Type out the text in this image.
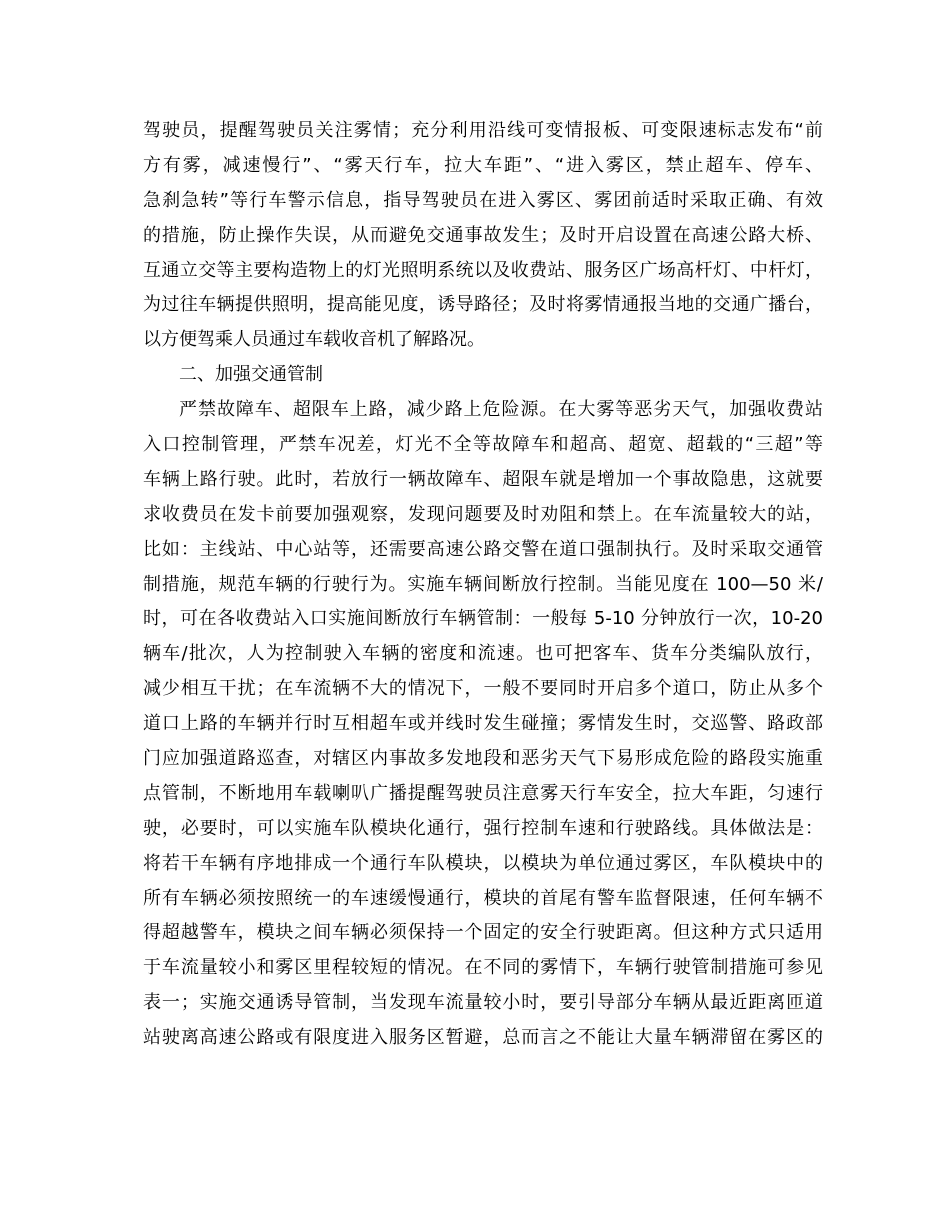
驾驶员，提醒驾驶员关注雾情；充分利用沿线可变情报板、可变限速标志发布“前
方有雾，减速慢行”、“雾天行车，拉大车距”、“进入雾区，禁止超车、停车、
急刹急转”等行车警示信息，指导驾驶员在进入雾区、雾团前适时采取正确、有效
的措施，防止操作失误，从而避免交通事故发生；及时开启设置在高速公路大桥、
互通立交等主要构造物上的灯光照明系统以及收费站、服务区广场高杆灯、中杆灯，
为过往车辆提供照明，提高能见度，诱导路径；及时将雾情通报当地的交通广播台，
以方便驾乘人员通过车载收音机了解路况。
二、加强交通管制
严禁故障车、超限车上路，减少路上危险源。在大雾等恶劣天气，加强收费站
入口控制管理，严禁车况差，灯光不全等故障车和超高、超宽、超载的“三超”等
车辆上路行驶。此时，若放行一辆故障车、超限车就是增加一个事故隐患，这就要
求收费员在发卡前要加强观察，发现问题要及时劝阻和禁上。在车流量较大的站，
比如：主线站、中心站等，还需要高速公路交警在道口强制执行。及时采取交通管
制措施，规范车辆的行驶行为。实施车辆间断放行控制。当能见度在 100—50 米/
时，可在各收费站入口实施间断放行车辆管制：一般每 5-10 分钟放行一次，10-20
辆车/批次，人为控制驶入车辆的密度和流速。也可把客车、货车分类编队放行，
减少相互干扰；在车流辆不大的情况下，一般不要同时开启多个道口，防止从多个
道口上路的车辆并行时互相超车或并线时发生碰撞；雾情发生时，交巡警、路政部
门应加强道路巡查，对辖区内事故多发地段和恶劣天气下易形成危险的路段实施重
点管制，不断地用车载喇叭广播提醒驾驶员注意雾天行车安全，拉大车距，匀速行
驶，必要时，可以实施车队模块化通行，强行控制车速和行驶路线。具体做法是：
将若干车辆有序地排成一个通行车队模块，以模块为单位通过雾区，车队模块中的
所有车辆必须按照统一的车速缓慢通行，模块的首尾有警车监督限速，任何车辆不
得超越警车，模块之间车辆必须保持一个固定的安全行驶距离。但这种方式只适用
于车流量较小和雾区里程较短的情况。在不同的雾情下，车辆行驶管制措施可参见
表一；实施交通诱导管制，当发现车流量较小时，要引导部分车辆从最近距离匝道
站驶离高速公路或有限度进入服务区暂避，总而言之不能让大量车辆滞留在雾区的
